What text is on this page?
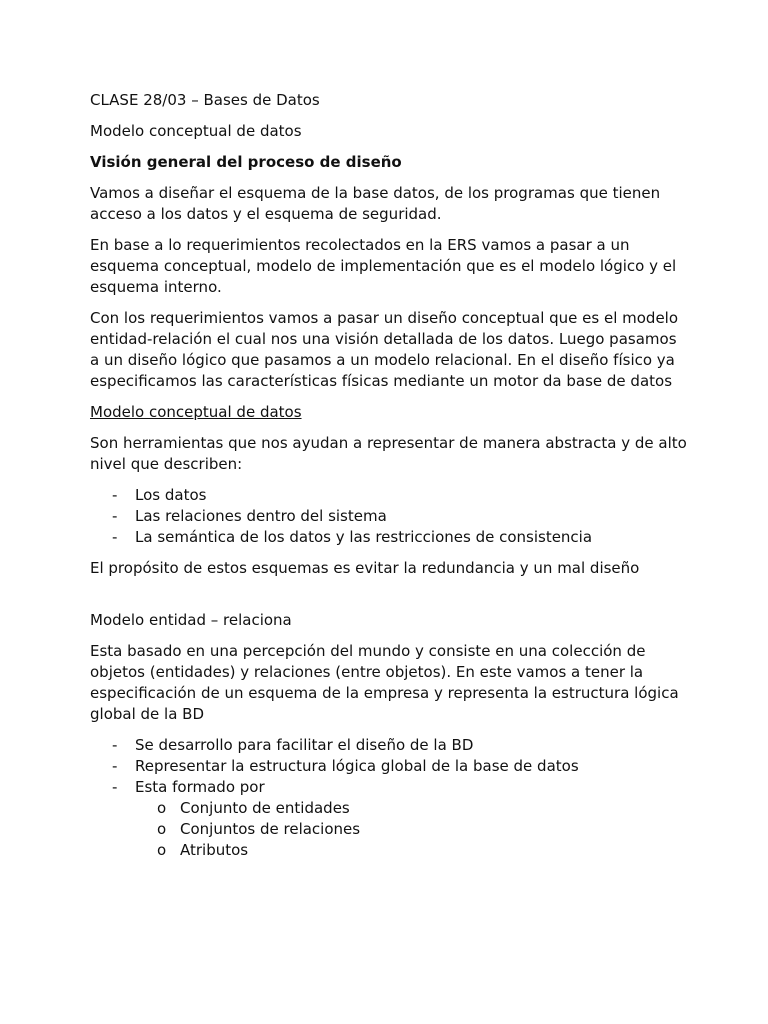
CLASE 28/03 – Bases de Datos

Modelo conceptual de datos

Visión general del proceso de diseño

Vamos a diseñar el esquema de la base datos, de los programas que tienen acceso a los datos y el esquema de seguridad.

En base a lo requerimientos recolectados en la ERS vamos a pasar a un esquema conceptual, modelo de implementación que es el modelo lógico y el esquema interno.

Con los requerimientos vamos a pasar un diseño conceptual que es el modelo entidad-relación el cual nos una visión detallada de los datos. Luego pasamos a un diseño lógico que pasamos a un modelo relacional. En el diseño físico ya especificamos las características físicas mediante un motor da base de datos

Modelo conceptual de datos

Son herramientas que nos ayudan a representar de manera abstracta y de alto nivel que describen:

- Los datos
- Las relaciones dentro del sistema
- La semántica de los datos y las restricciones de consistencia

El propósito de estos esquemas es evitar la redundancia y un mal diseño

Modelo entidad – relaciona

Esta basado en una percepción del mundo y consiste en una colección de objetos (entidades) y relaciones (entre objetos). En este vamos a tener la especificación de un esquema de la empresa y representa la estructura lógica global de la BD

- Se desarrollo para facilitar el diseño de la BD
- Representar la estructura lógica global de la base de datos
- Esta formado por
o Conjunto de entidades
o Conjuntos de relaciones
o Atributos
